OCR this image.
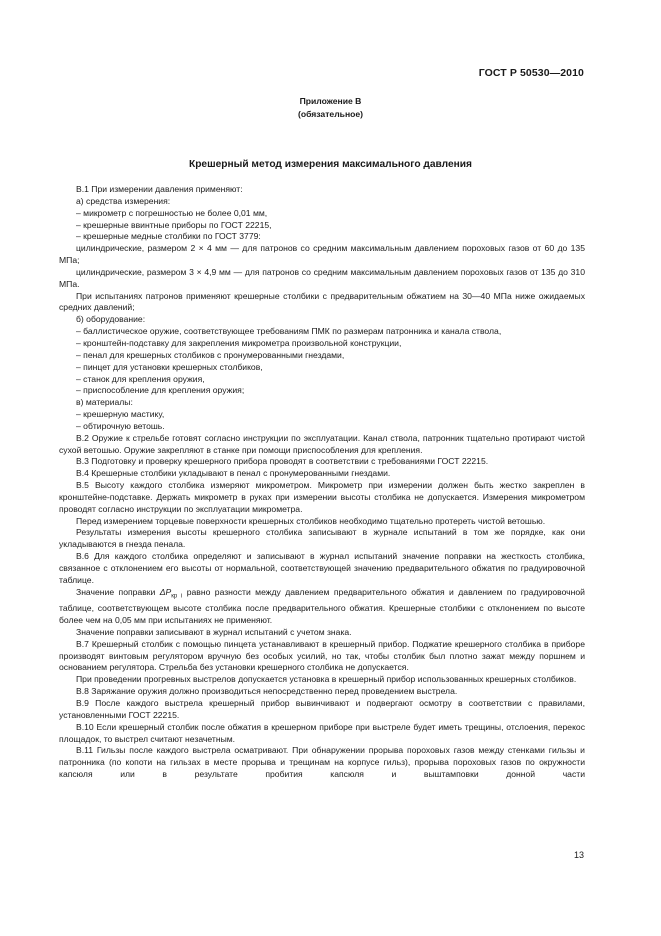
ГОСТ Р 50530—2010
Приложение В
(обязательное)
Крешерный метод измерения максимального давления

В.1 При измерении давления применяют:

а) средства измерения:

– микрометр с погрешностью не более 0,01 мм,

– крешерные ввинтные приборы по ГОСТ 22215,

– крешерные медные столбики по ГОСТ 3779:

цилиндрические, размером 2 × 4 мм — для патронов со средним максимальным давлением пороховых газов от 60 до 135 МПа;

цилиндрические, размером 3 × 4,9 мм — для патронов со средним максимальным давлением пороховых газов от 135 до 310 МПа.

При испытаниях патронов применяют крешерные столбики с предварительным обжатием на 30—40 МПа ниже ожидаемых средних давлений;

б) оборудование:

– баллистическое оружие, соответствующее требованиям ПМК по размерам патронника и канала ствола,

– кронштейн-подставку для закрепления микрометра произвольной конструкции,

– пенал для крешерных столбиков с пронумерованными гнездами,

– пинцет для установки крешерных столбиков,

– станок для крепления оружия,

– приспособление для крепления оружия;

в) материалы:

– крешерную мастику,

– обтирочную ветошь.

В.2 Оружие к стрельбе готовят согласно инструкции по эксплуатации. Канал ствола, патронник тщательно протирают чистой сухой ветошью. Оружие закрепляют в станке при помощи приспособления для крепления.

В.3 Подготовку и проверку крешерного прибора проводят в соответствии с требованиями ГОСТ 22215.

В.4 Крешерные столбики укладывают в пенал с пронумерованными гнездами.

В.5 Высоту каждого столбика измеряют микрометром. Микрометр при измерении должен быть жестко закреплен в кронштейне-подставке. Держать микрометр в руках при измерении высоты столбика не допускается. Измерения микрометром проводят согласно инструкции по эксплуатации микрометра.

Перед измерением торцевые поверхности крешерных столбиков необходимо тщательно протереть чистой ветошью.

Результаты измерения высоты крешерного столбика записывают в журнале испытаний в том же порядке, как они укладываются в гнезда пенала.

В.6 Для каждого столбика определяют и записывают в журнал испытаний значение поправки на жесткость столбика, связанное с отклонением его высоты от нормальной, соответствующей значению предварительного обжатия по градуировочной таблице.

Значение поправки $\Delta P_{кр i}$ равно разности между давлением предварительного обжатия и давлением по градуировочной таблице, соответствующем высоте столбика после предварительного обжатия. Крешерные столбики с отклонением по высоте более чем на 0,05 мм при испытаниях не применяют.

Значение поправки записывают в журнал испытаний с учетом знака.

В.7 Крешерный столбик с помощью пинцета устанавливают в крешерный прибор. Поджатие крешерного столбика в приборе производят винтовым регулятором вручную без особых усилий, но так, чтобы столбик был плотно зажат между поршнем и основанием регулятора. Стрельба без установки крешерного столбика не допускается.

При проведении прогревных выстрелов допускается установка в крешерный прибор использованных крешерных столбиков.

В.8 Заряжание оружия должно производиться непосредственно перед проведением выстрела.

В.9 После каждого выстрела крешерный прибор вывинчивают и подвергают осмотру в соответствии с правилами, установленными ГОСТ 22215.

В.10 Если крешерный столбик после обжатия в крешерном приборе при выстреле будет иметь трещины, отслоения, перекос площадок, то выстрел считают незачетным.

В.11 Гильзы после каждого выстрела осматривают. При обнаружении прорыва пороховых газов между стенками гильзы и патронника (по копоти на гильзах в месте прорыва и трещинам на корпусе гильз), прорыва пороховых газов по окружности капсюля или в результате пробития капсюля и выштамповки донной части

13
